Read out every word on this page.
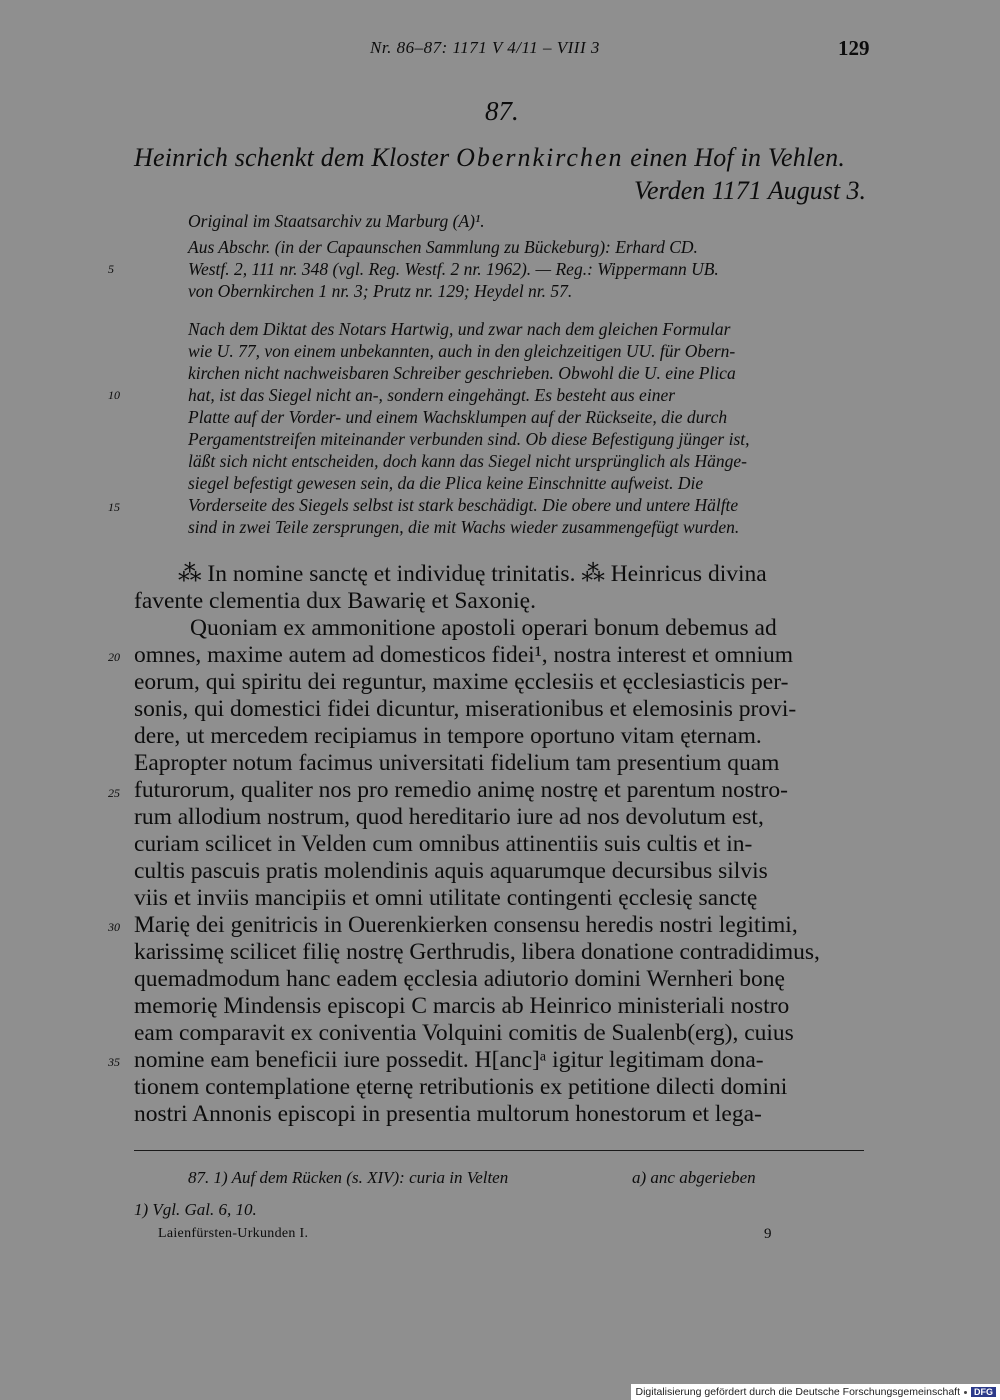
Nr. 86–87: 1171 V 4/11 – VIII 3	129
87.
Heinrich schenkt dem Kloster Obernkirchen einen Hof in Vehlen.
Verden 1171 August 3.
Original im Staatsarchiv zu Marburg (A)¹.
Aus Abschr. (in der Capaunschen Sammlung zu Bückeburg): Erhard CD.
Westf. 2, 111 nr. 348 (vgl. Reg. Westf. 2 nr. 1962). — Reg.: Wippermann UB.
von Obernkirchen 1 nr. 3; Prutz nr. 129; Heydel nr. 57.
Nach dem Diktat des Notars Hartwig, und zwar nach dem gleichen Formular
wie U. 77, von einem unbekannten, auch in den gleichzeitigen UU. für Obern-
kirchen nicht nachweisbaren Schreiber geschrieben. Obwohl die U. eine Plica
hat, ist das Siegel nicht an-, sondern eingehängt. Es besteht aus einer
Platte auf der Vorder- und einem Wachsklumpen auf der Rückseite, die durch
Pergamentstreifen miteinander verbunden sind. Ob diese Befestigung jünger ist,
läßt sich nicht entscheiden, doch kann das Siegel nicht ursprünglich als Hänge-
siegel befestigt gewesen sein, da die Plica keine Einschnitte aufweist. Die
Vorderseite des Siegels selbst ist stark beschädigt. Die obere und untere Hälfte
sind in zwei Teile zersprungen, die mit Wachs wieder zusammengefügt wurden.
5
10
15
20
25
30
35
⁂ In nomine sanctę et individuę trinitatis. ⁂ Heinricus divina
favente clementia dux Bawarię et Saxonię.
Quoniam ex ammonitione apostoli operari bonum debemus ad
omnes, maxime autem ad domesticos fidei¹, nostra interest et omnium
eorum, qui spiritu dei reguntur, maxime ęcclesiis et ęcclesiasticis per-
sonis, qui domestici fidei dicuntur, miserationibus et elemosinis provi-
dere, ut mercedem recipiamus in tempore oportuno vitam ęternam.
Eapropter notum facimus universitati fidelium tam presentium quam
futurorum, qualiter nos pro remedio animę nostrę et parentum nostro-
rum allodium nostrum, quod hereditario iure ad nos devolutum est,
curiam scilicet in Velden cum omnibus attinentiis suis cultis et in-
cultis pascuis pratis molendinis aquis aquarumque decursibus silvis
viis et inviis mancipiis et omni utilitate contingenti ęcclesię sanctę
Marię dei genitricis in Ouerenkierken consensu heredis nostri legitimi,
karissimę scilicet filię nostrę Gerthrudis, libera donatione contradidimus,
quemadmodum hanc eadem ęcclesia adiutorio domini Wernheri bonę
memorię Mindensis episcopi C marcis ab Heinrico ministeriali nostro
eam comparavit ex coniventia Volquini comitis de Sualenb(erg), cuius
nomine eam beneficii iure possedit. H[anc]ᵃ igitur legitimam dona-
tionem contemplatione ęternę retributionis ex petitione dilecti domini
nostri Annonis episcopi in presentia multorum honestorum et lega-
87. 1) Auf dem Rücken (s. XIV): curia in Velten	a) anc abgerieben
1) Vgl. Gal. 6, 10.
Laienfürsten-Urkunden I.	9
Digitalisierung gefördert durch die Deutsche Forschungsgemeinschaft	DFG
